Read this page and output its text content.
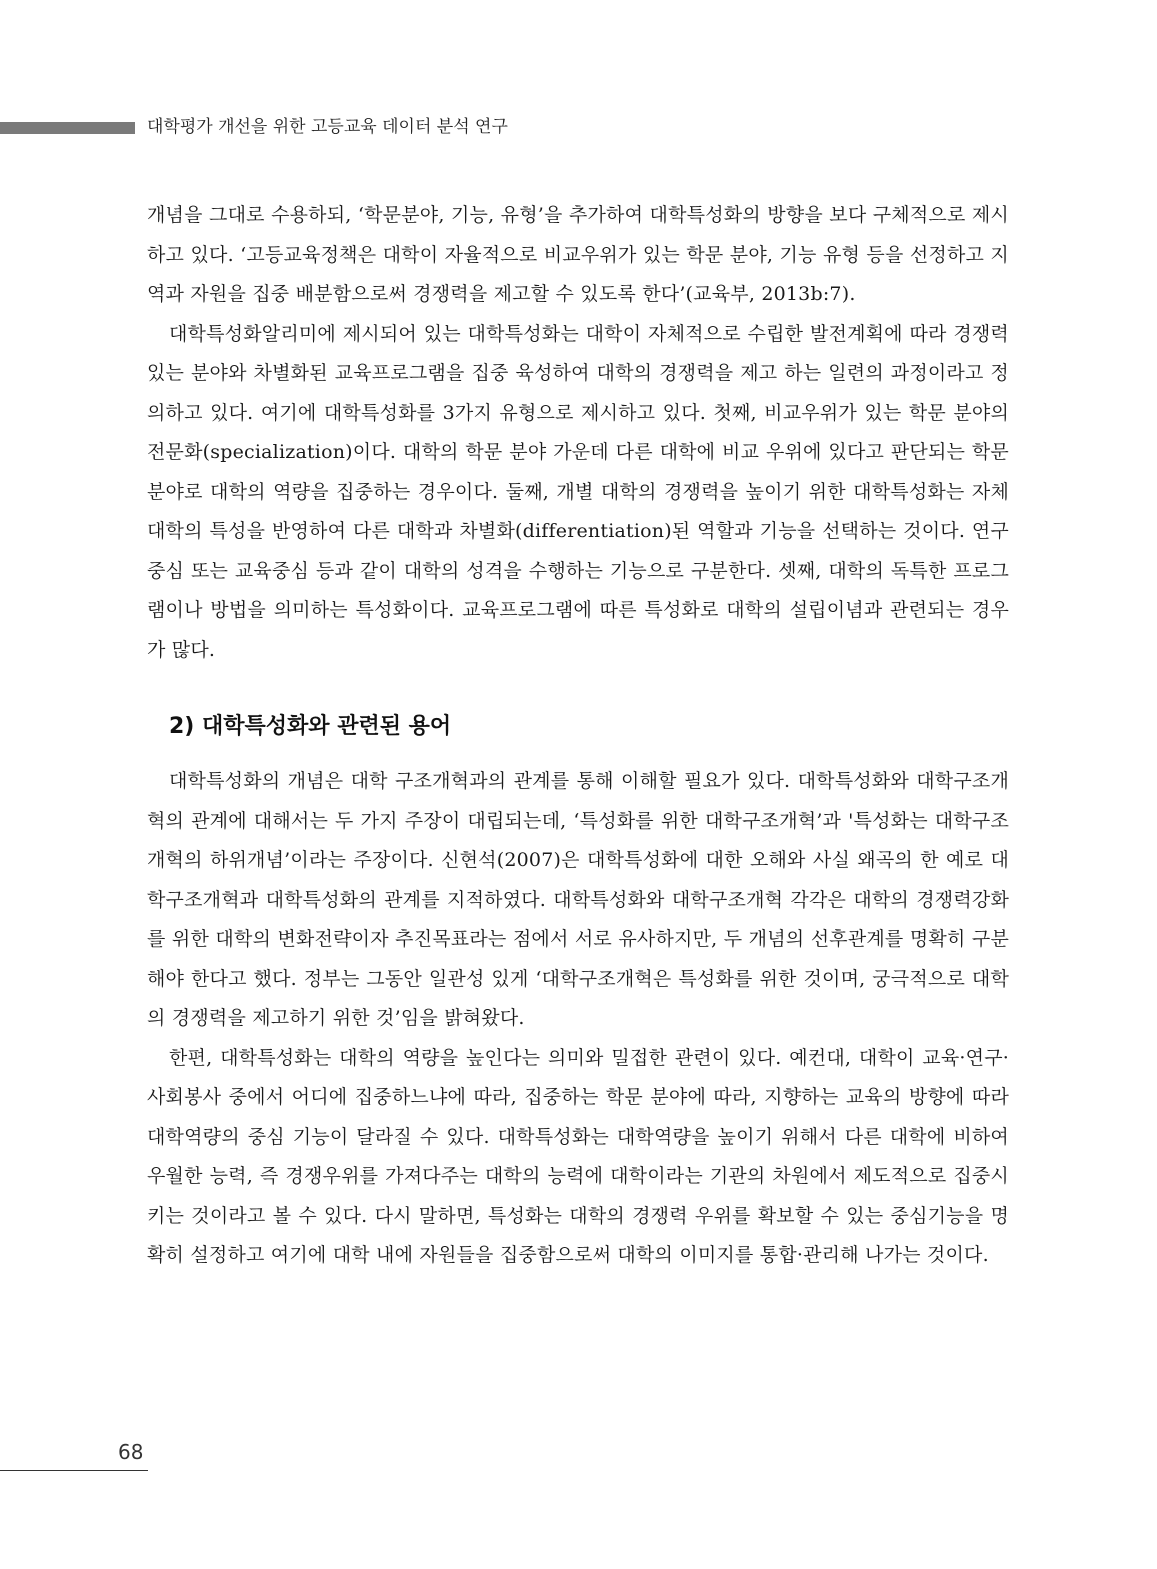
대학평가 개선을 위한 고등교육 데이터 분석 연구

개념을 그대로 수용하되, ‘학문분야, 기능, 유형’을 추가하여 대학특성화의 방향을 보다 구체적으로 제시하고 있다. ‘고등교육정책은 대학이 자율적으로 비교우위가 있는 학문 분야, 기능 유형 등을 선정하고 지역과 자원을 집중 배분함으로써 경쟁력을 제고할 수 있도록 한다’(교육부, 2013b:7).

대학특성화알리미에 제시되어 있는 대학특성화는 대학이 자체적으로 수립한 발전계획에 따라 경쟁력 있는 분야와 차별화된 교육프로그램을 집중 육성하여 대학의 경쟁력을 제고 하는 일련의 과정이라고 정의하고 있다. 여기에 대학특성화를 3가지 유형으로 제시하고 있다. 첫째, 비교우위가 있는 학문 분야의 전문화(specialization)이다. 대학의 학문 분야 가운데 다른 대학에 비교 우위에 있다고 판단되는 학문분야로 대학의 역량을 집중하는 경우이다. 둘째, 개별 대학의 경쟁력을 높이기 위한 대학특성화는 자체 대학의 특성을 반영하여 다른 대학과 차별화(differentiation)된 역할과 기능을 선택하는 것이다. 연구중심 또는 교육중심 등과 같이 대학의 성격을 수행하는 기능으로 구분한다. 셋째, 대학의 독특한 프로그램이나 방법을 의미하는 특성화이다. 교육프로그램에 따른 특성화로 대학의 설립이념과 관련되는 경우가 많다.

2) 대학특성화와 관련된 용어

대학특성화의 개념은 대학 구조개혁과의 관계를 통해 이해할 필요가 있다. 대학특성화와 대학구조개혁의 관계에 대해서는 두 가지 주장이 대립되는데, ‘특성화를 위한 대학구조개혁’과 '특성화는 대학구조개혁의 하위개념’이라는 주장이다. 신현석(2007)은 대학특성화에 대한 오해와 사실 왜곡의 한 예로 대학구조개혁과 대학특성화의 관계를 지적하였다. 대학특성화와 대학구조개혁 각각은 대학의 경쟁력강화를 위한 대학의 변화전략이자 추진목표라는 점에서 서로 유사하지만, 두 개념의 선후관계를 명확히 구분해야 한다고 했다. 정부는 그동안 일관성 있게 ‘대학구조개혁은 특성화를 위한 것이며, 궁극적으로 대학의 경쟁력을 제고하기 위한 것’임을 밝혀왔다.

한편, 대학특성화는 대학의 역량을 높인다는 의미와 밀접한 관련이 있다. 예컨대, 대학이 교육·연구·사회봉사 중에서 어디에 집중하느냐에 따라, 집중하는 학문 분야에 따라, 지향하는 교육의 방향에 따라 대학역량의 중심 기능이 달라질 수 있다. 대학특성화는 대학역량을 높이기 위해서 다른 대학에 비하여 우월한 능력, 즉 경쟁우위를 가져다주는 대학의 능력에 대학이라는 기관의 차원에서 제도적으로 집중시키는 것이라고 볼 수 있다. 다시 말하면, 특성화는 대학의 경쟁력 우위를 확보할 수 있는 중심기능을 명확히 설정하고 여기에 대학 내에 자원들을 집중함으로써 대학의 이미지를 통합·관리해 나가는 것이다.

68
